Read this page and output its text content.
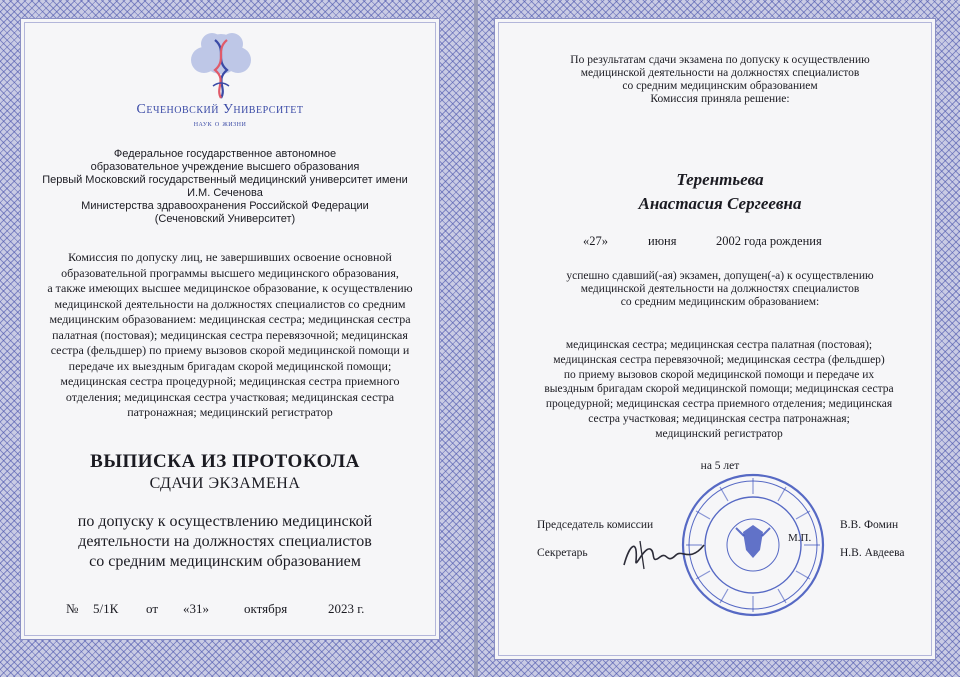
Сеченовский Университет
наук о жизни
Федеральное государственное автономное
образовательное учреждение высшего образования
Первый Московский государственный медицинский университет имени И.М. Сеченова
Министерства здравоохранения Российской Федерации
(Сеченовский Университет)
Комиссия по допуску лиц, не завершивших освоение основной
образовательной программы высшего медицинского образования,
а также имеющих высшее медицинское образование, к осуществлению
медицинской деятельности на должностях специалистов со средним
медицинским образованием: медицинская сестра; медицинская сестра
палатная (постовая); медицинская сестра перевязочной; медицинская
сестра (фельдшер) по приему вызовов скорой медицинской помощи и
передаче их выездным бригадам скорой медицинской помощи;
медицинская сестра процедурной; медицинская сестра приемного
отделения; медицинская сестра участковая; медицинская сестра
патронажная; медицинский регистратор
ВЫПИСКА ИЗ ПРОТОКОЛА
СДАЧИ ЭКЗАМЕНА
по допуску к осуществлению медицинской
деятельности на должностях специалистов
со средним медицинским образованием
№ 5/1К от «31»	октября	2023 г.
По результатам сдачи экзамена по допуску к осуществлению
медицинской деятельности на должностях специалистов
со средним медицинским образованием
Комиссия приняла решение:
Терентьева
Анастасия Сергеевна
«27»	июня	2002 года рождения
успешно сдавший(-ая) экзамен, допущен(-а) к осуществлению
медицинской деятельности на должностях специалистов
со средним медицинским образованием:
медицинская сестра; медицинская сестра палатная (постовая);
медицинская сестра перевязочной; медицинская сестра (фельдшер)
по приему вызовов скорой медицинской помощи и передаче их
выездным бригадам скорой медицинской помощи; медицинская сестра
процедурной; медицинская сестра приемного отделения; медицинская
сестра участковая; медицинская сестра патронажная;
медицинский регистратор
на 5 лет
Председатель комиссии	В.В. Фомин
Секретарь
М.П.
Н.В. Авдеева
